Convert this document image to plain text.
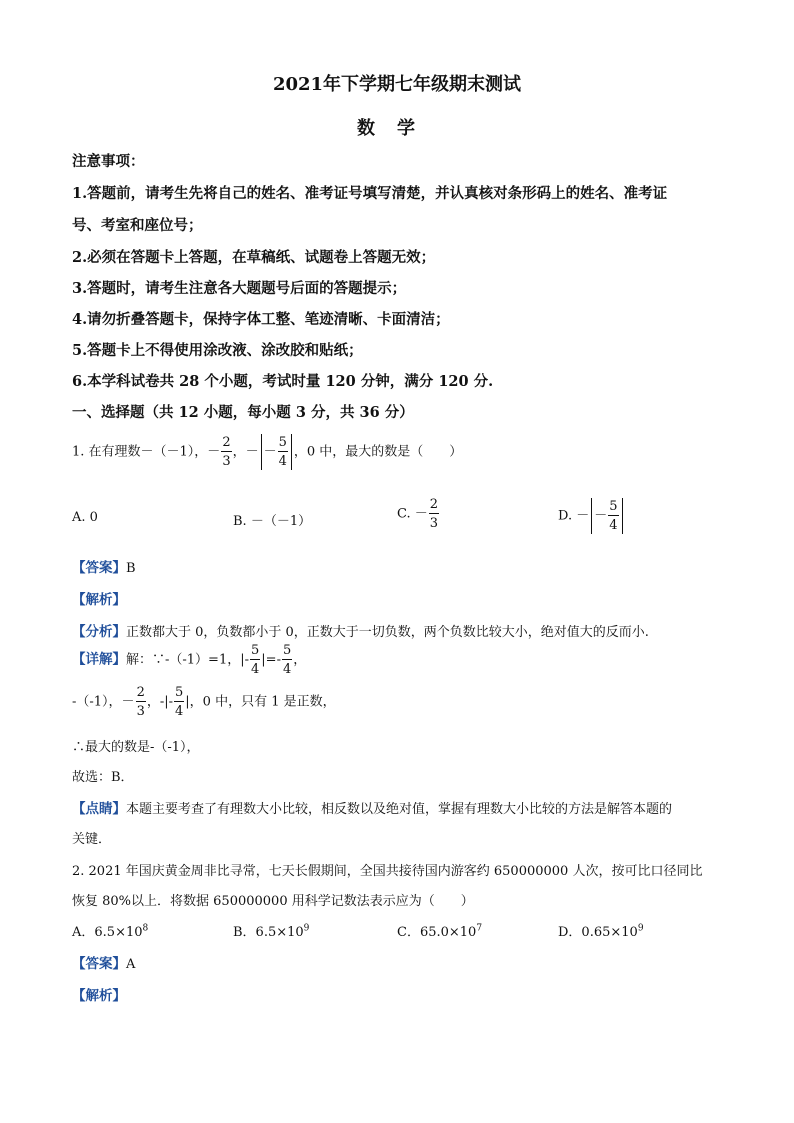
2021年下学期七年级期末测试
数学
注意事项：
1.答题前，请考生先将自己的姓名、准考证号填写清楚，并认真核对条形码上的姓名、准考证
号、考室和座位号；
2.必须在答题卡上答题，在草稿纸、试题卷上答题无效；
3.答题时，请考生注意各大题题号后面的答题提示；
4.请勿折叠答题卡，保持字体工整、笔迹清晰、卡面清洁；
5.答题卡上不得使用涂改液、涂改胶和贴纸；
6.本学科试卷共 28 个小题，考试时量 120 分钟，满分 120 分.
一、选择题（共 12 小题，每小题 3 分，共 36 分）
1. 在有理数－（－1），－ $\frac{2}{3}$ ，－ － $\frac{5}{4}$ ，0 中，最大的数是（　　）
A. 0	B. －（－1）	C. － $\frac{2}{3}$	D. － － $\frac{5}{4}$
【答案】B
【解析】
【分析】正数都大于 0，负数都小于 0，正数大于一切负数，两个负数比较大小，绝对值大的反而小.
【详解】解：∵-（-1）=1，|- $\frac{5}{4}$ |=- $\frac{5}{4}$ ，
-（-1），－ $\frac{2}{3}$ ，-|- $\frac{5}{4}$ |，0 中，只有 1 是正数，
∴最大的数是-（-1），
故选：B．
【点睛】本题主要考查了有理数大小比较，相反数以及绝对值，掌握有理数大小比较的方法是解答本题的
关键．
2. 2021 年国庆黄金周非比寻常，七天长假期间，全国共接待国内游客约 650000000 人次，按可比口径同比
恢复 80%以上．将数据 650000000 用科学记数法表示应为（　　）
A．$6.5\times 10^8$	B．$6.5\times 10^9$	C．$65.0\times 10^7$	D．$0.65\times 10^9$
【答案】A
【解析】
